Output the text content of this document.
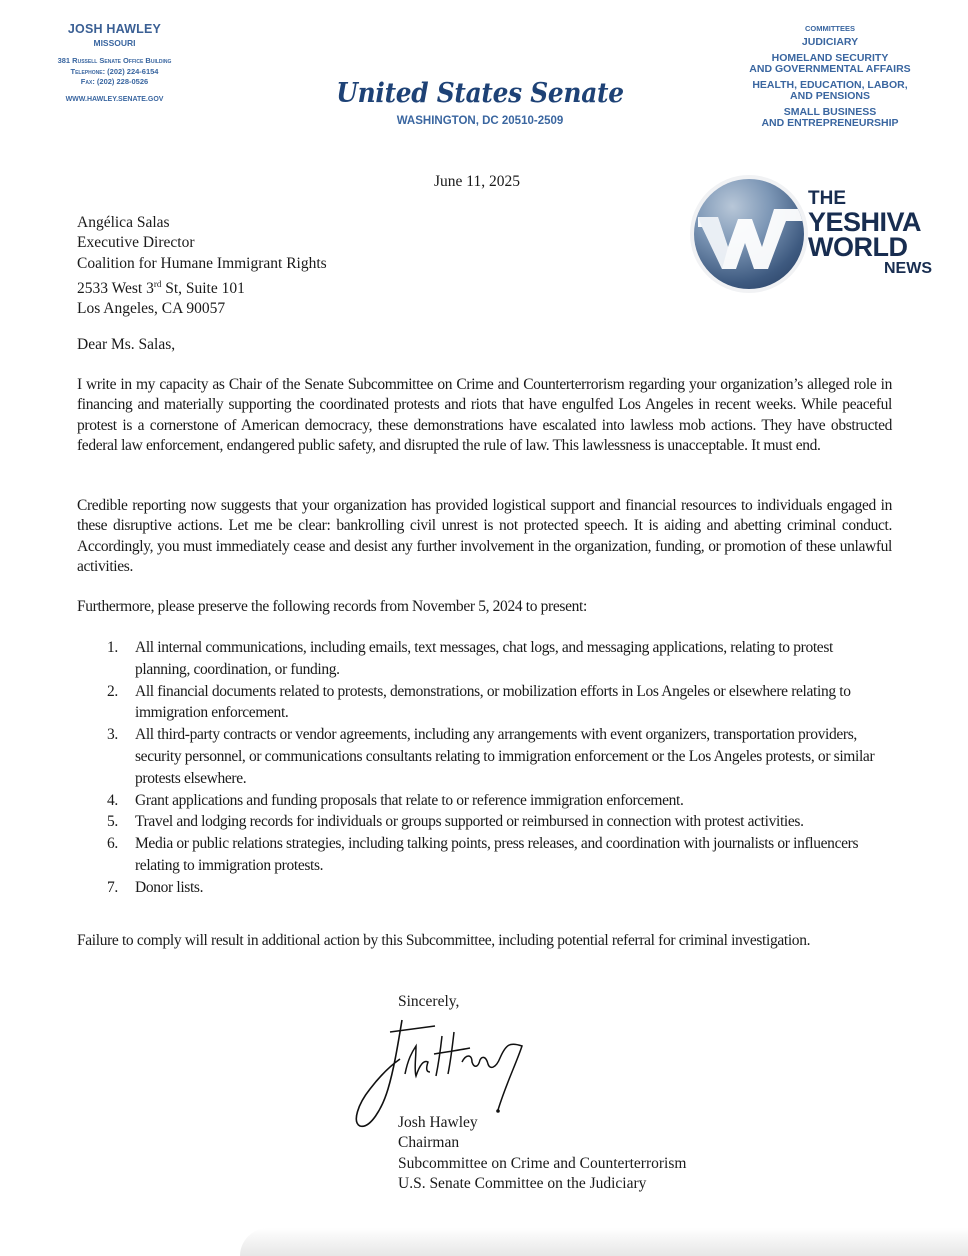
JOSH HAWLEY
MISSOURI
381 Russell Senate Office Building
Telephone: (202) 224-6154
Fax: (202) 228-0526
WWW.HAWLEY.SENATE.GOV	United States Senate
WASHINGTON, DC 20510-2509
COMMITTEES
JUDICIARY
HOMELAND SECURITY
AND GOVERNMENTAL AFFAIRS
HEALTH, EDUCATION, LABOR,
AND PENSIONS
SMALL BUSINESS
AND ENTREPRENEURSHIP
THE
YESHIVA
WORLD
NEWS
June 11, 2025
Angélica Salas
Executive Director
Coalition for Humane Immigrant Rights
2533 West 3rd St, Suite 101
Los Angeles, CA 90057
Dear Ms. Salas,
I write in my capacity as Chair of the Senate Subcommittee on Crime and Counterterrorism regarding your organization’s alleged role in financing and materially supporting the coordinated protests and riots that have engulfed Los Angeles in recent weeks. While peaceful protest is a cornerstone of American democracy, these demonstrations have escalated into lawless mob actions. They have obstructed federal law enforcement, endangered public safety, and disrupted the rule of law. This lawlessness is unacceptable. It must end.
Credible reporting now suggests that your organization has provided logistical support and financial resources to individuals engaged in these disruptive actions. Let me be clear: bankrolling civil unrest is not protected speech. It is aiding and abetting criminal conduct. Accordingly, you must immediately cease and desist any further involvement in the organization, funding, or promotion of these unlawful activities.
Furthermore, please preserve the following records from November 5, 2024 to present:
1. All internal communications, including emails, text messages, chat logs, and messaging applications, relating to protest planning, coordination, or funding.
2. All financial documents related to protests, demonstrations, or mobilization efforts in Los Angeles or elsewhere relating to immigration enforcement.
3. All third-party contracts or vendor agreements, including any arrangements with event organizers, transportation providers, security personnel, or communications consultants relating to immigration enforcement or the Los Angeles protests, or similar protests elsewhere.
4. Grant applications and funding proposals that relate to or reference immigration enforcement.
5. Travel and lodging records for individuals or groups supported or reimbursed in connection with protest activities.
6. Media or public relations strategies, including talking points, press releases, and coordination with journalists or influencers relating to immigration protests.
7. Donor lists.
Failure to comply will result in additional action by this Subcommittee, including potential referral for criminal investigation.
Sincerely,
Josh Hawley
Chairman
Subcommittee on Crime and Counterterrorism
U.S. Senate Committee on the Judiciary
